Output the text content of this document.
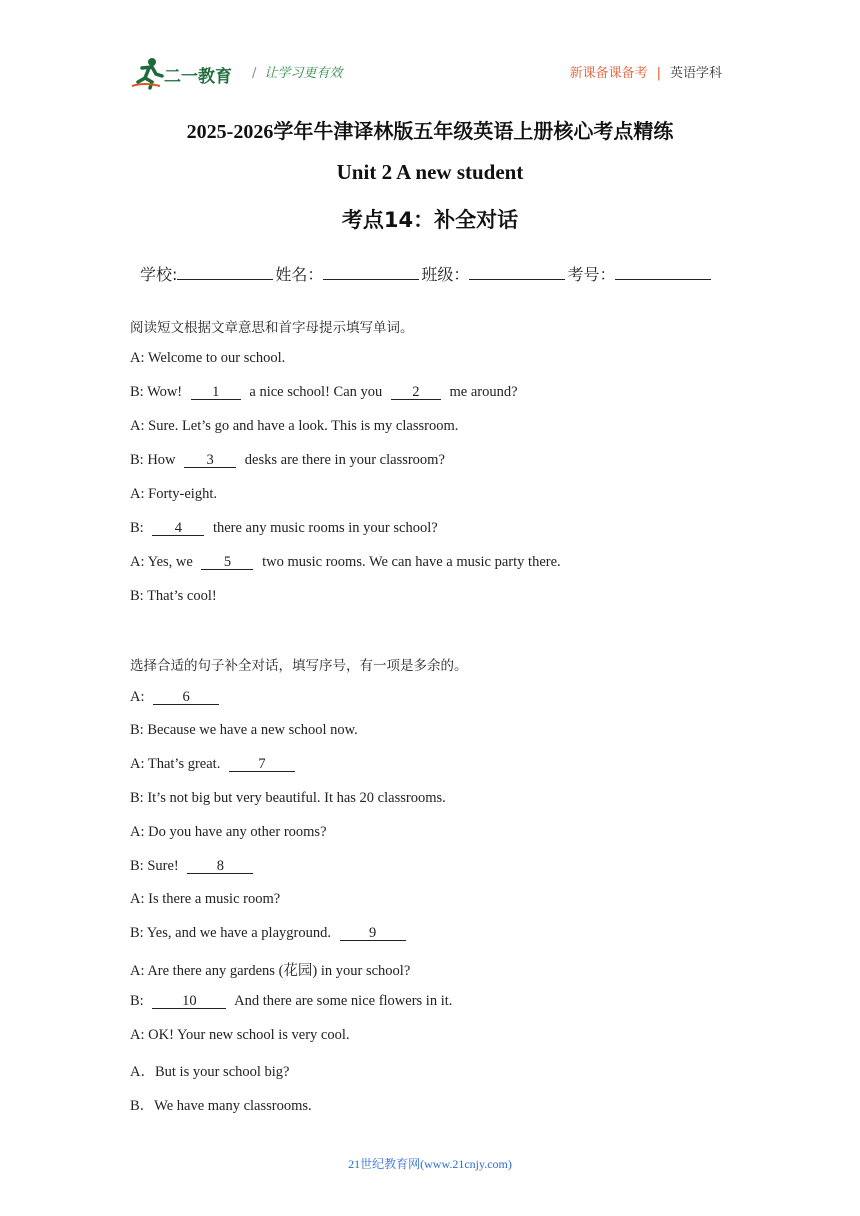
二一教育 / 让学习更有效	新课备课备考 | 英语学科
2025-2026学年牛津译林版五年级英语上册核心考点精练
Unit 2 A new student
考点14：补全对话
学校:	姓名：	班级：	考号：
阅读短文根据文章意思和首字母提示填写单词。
A: Welcome to our school.
B: Wow! 1 a nice school! Can you 2 me around?
A: Sure. Let’s go and have a look. This is my classroom.
B: How 3 desks are there in your classroom?
A: Forty-eight.
B: 4 there any music rooms in your school?
A: Yes, we 5 two music rooms. We can have a music party there.
B: That’s cool!
选择合适的句子补全对话，填写序号，有一项是多余的。
A:	6
B: Because we have a new school now.
A: That’s great.	7
B: It’s not big but very beautiful. It has 20 classrooms.
A: Do you have any other rooms?
B: Sure!	8
A: Is there a music room?
B: Yes, and we have a playground.	9
A: Are there any gardens (花园) in your school?
B:	10	And there are some nice flowers in it.
A: OK! Your new school is very cool.
A．But is your school big?
B．We have many classrooms.
21世纪教育网(www.21cnjy.com)
